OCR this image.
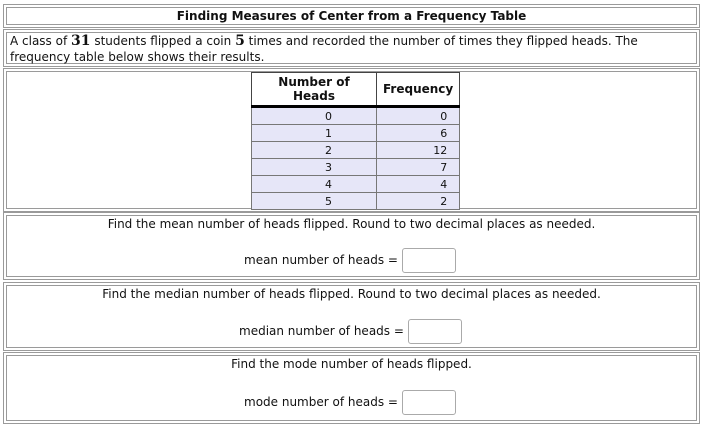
Finding Measures of Center from a Frequency Table
A class of 31 students flipped a coin 5 times and recorded the number of times they flipped heads. The frequency table below shows their results.
Number of Heads	Frequency
0	0
1	6
2	12
3	7
4	4
5	2
Find the mean number of heads flipped. Round to two decimal places as needed.
mean number of heads =
Find the median number of heads flipped. Round to two decimal places as needed.
median number of heads =
Find the mode number of heads flipped.
mode number of heads =
